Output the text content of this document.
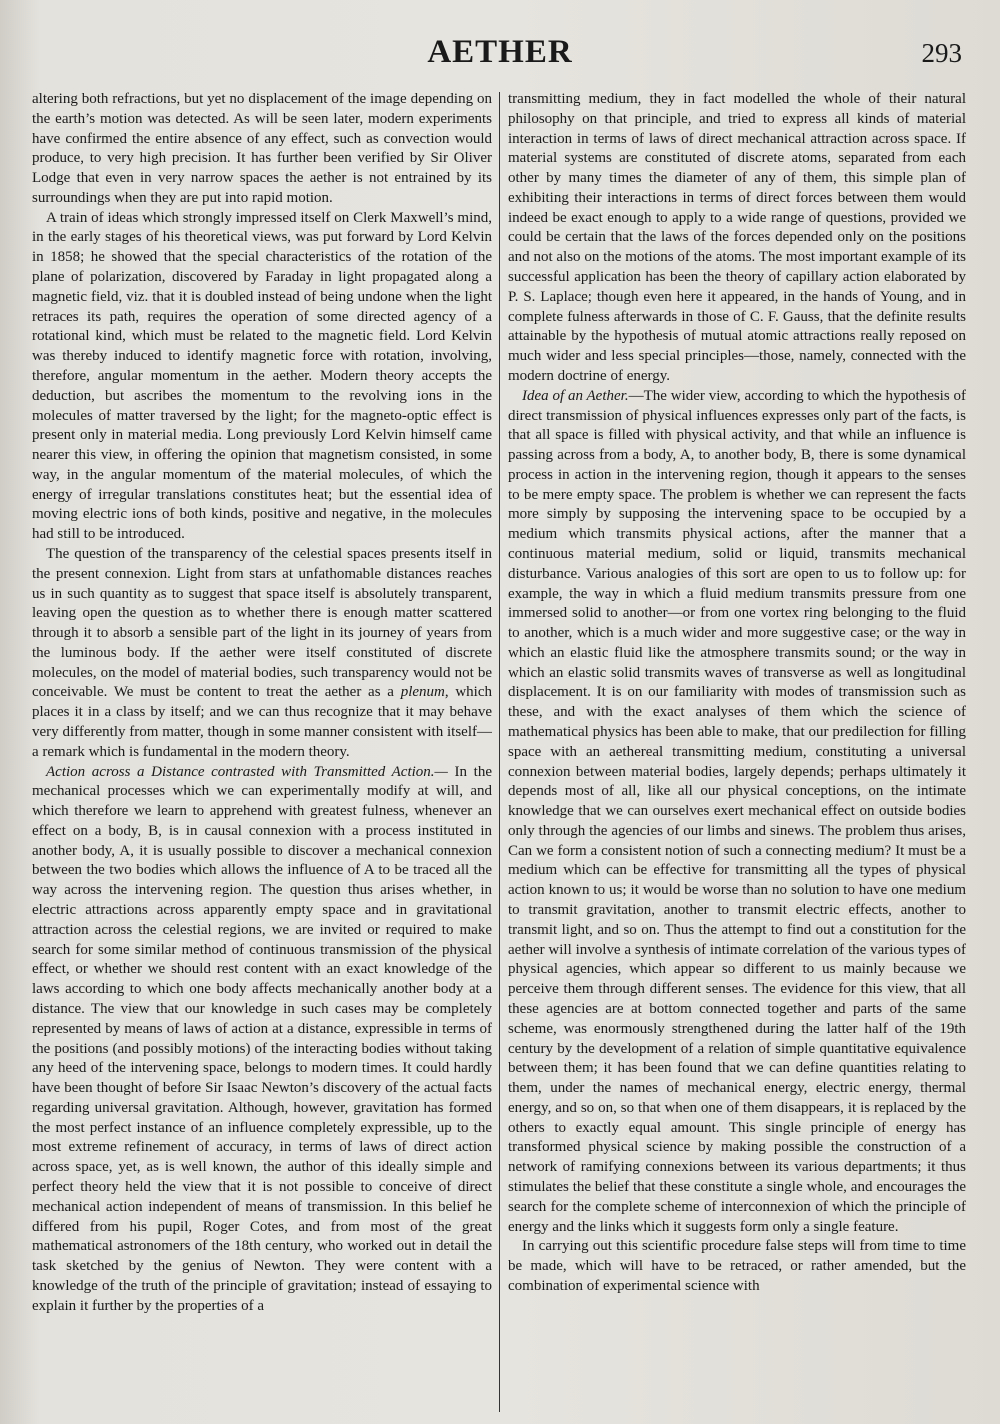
AETHER	293

altering both refractions, but yet no displacement of the image depending on the earth’s motion was detected. As will be seen later, modern experiments have confirmed the entire absence of any effect, such as convection would produce, to very high precision. It has further been verified by Sir Oliver Lodge that even in very narrow spaces the aether is not entrained by its surroundings when they are put into rapid motion.

A train of ideas which strongly impressed itself on Clerk Maxwell’s mind, in the early stages of his theoretical views, was put forward by Lord Kelvin in 1858; he showed that the special characteristics of the rotation of the plane of polarization, discovered by Faraday in light propagated along a magnetic field, viz. that it is doubled instead of being undone when the light retraces its path, requires the operation of some directed agency of a rotational kind, which must be related to the magnetic field. Lord Kelvin was thereby induced to identify magnetic force with rotation, involving, therefore, angular momentum in the aether. Modern theory accepts the deduction, but ascribes the momentum to the revolving ions in the molecules of matter traversed by the light; for the magneto-optic effect is present only in material media. Long previously Lord Kelvin himself came nearer this view, in offering the opinion that magnetism consisted, in some way, in the angular momentum of the material molecules, of which the energy of irregular translations constitutes heat; but the essential idea of moving electric ions of both kinds, positive and negative, in the molecules had still to be introduced.

The question of the transparency of the celestial spaces presents itself in the present connexion. Light from stars at unfathomable distances reaches us in such quantity as to suggest that space itself is absolutely transparent, leaving open the question as to whether there is enough matter scattered through it to absorb a sensible part of the light in its journey of years from the luminous body. If the aether were itself constituted of discrete molecules, on the model of material bodies, such transparency would not be conceivable. We must be content to treat the aether as a plenum, which places it in a class by itself; and we can thus recognize that it may behave very differently from matter, though in some manner consistent with itself—a remark which is fundamental in the modern theory.

Action across a Distance contrasted with Transmitted Action.— In the mechanical processes which we can experimentally modify at will, and which therefore we learn to apprehend with greatest fulness, whenever an effect on a body, B, is in causal connexion with a process instituted in another body, A, it is usually possible to discover a mechanical connexion between the two bodies which allows the influence of A to be traced all the way across the intervening region. The question thus arises whether, in electric attractions across apparently empty space and in gravitational attraction across the celestial regions, we are invited or required to make search for some similar method of continuous transmission of the physical effect, or whether we should rest content with an exact knowledge of the laws according to which one body affects mechanically another body at a distance. The view that our knowledge in such cases may be completely represented by means of laws of action at a distance, expressible in terms of the positions (and possibly motions) of the interacting bodies without taking any heed of the intervening space, belongs to modern times. It could hardly have been thought of before Sir Isaac Newton’s discovery of the actual facts regarding universal gravitation. Although, however, gravitation has formed the most perfect instance of an influence completely expressible, up to the most extreme refinement of accuracy, in terms of laws of direct action across space, yet, as is well known, the author of this ideally simple and perfect theory held the view that it is not possible to conceive of direct mechanical action independent of means of transmission. In this belief he differed from his pupil, Roger Cotes, and from most of the great mathematical astronomers of the 18th century, who worked out in detail the task sketched by the genius of Newton. They were content with a knowledge of the truth of the principle of gravitation; instead of essaying to explain it further by the properties of a

transmitting medium, they in fact modelled the whole of their natural philosophy on that principle, and tried to express all kinds of material interaction in terms of laws of direct mechanical attraction across space. If material systems are constituted of discrete atoms, separated from each other by many times the diameter of any of them, this simple plan of exhibiting their interactions in terms of direct forces between them would indeed be exact enough to apply to a wide range of questions, provided we could be certain that the laws of the forces depended only on the positions and not also on the motions of the atoms. The most important example of its successful application has been the theory of capillary action elaborated by P. S. Laplace; though even here it appeared, in the hands of Young, and in complete fulness afterwards in those of C. F. Gauss, that the definite results attainable by the hypothesis of mutual atomic attractions really reposed on much wider and less special principles—those, namely, connected with the modern doctrine of energy.

Idea of an Aether.—The wider view, according to which the hypothesis of direct transmission of physical influences expresses only part of the facts, is that all space is filled with physical activity, and that while an influence is passing across from a body, A, to another body, B, there is some dynamical process in action in the intervening region, though it appears to the senses to be mere empty space. The problem is whether we can represent the facts more simply by supposing the intervening space to be occupied by a medium which transmits physical actions, after the manner that a continuous material medium, solid or liquid, transmits mechanical disturbance. Various analogies of this sort are open to us to follow up: for example, the way in which a fluid medium transmits pressure from one immersed solid to another—or from one vortex ring belonging to the fluid to another, which is a much wider and more suggestive case; or the way in which an elastic fluid like the atmosphere transmits sound; or the way in which an elastic solid transmits waves of transverse as well as longitudinal displacement. It is on our familiarity with modes of transmission such as these, and with the exact analyses of them which the science of mathematical physics has been able to make, that our predilection for filling space with an aethereal transmitting medium, constituting a universal connexion between material bodies, largely depends; perhaps ultimately it depends most of all, like all our physical conceptions, on the intimate knowledge that we can ourselves exert mechanical effect on outside bodies only through the agencies of our limbs and sinews. The problem thus arises, Can we form a consistent notion of such a connecting medium? It must be a medium which can be effective for transmitting all the types of physical action known to us; it would be worse than no solution to have one medium to transmit gravitation, another to transmit electric effects, another to transmit light, and so on. Thus the attempt to find out a constitution for the aether will involve a synthesis of intimate correlation of the various types of physical agencies, which appear so different to us mainly because we perceive them through different senses. The evidence for this view, that all these agencies are at bottom connected together and parts of the same scheme, was enormously strengthened during the latter half of the 19th century by the development of a relation of simple quantitative equivalence between them; it has been found that we can define quantities relating to them, under the names of mechanical energy, electric energy, thermal energy, and so on, so that when one of them disappears, it is replaced by the others to exactly equal amount. This single principle of energy has transformed physical science by making possible the construction of a network of ramifying connexions between its various departments; it thus stimulates the belief that these constitute a single whole, and encourages the search for the complete scheme of interconnexion of which the principle of energy and the links which it suggests form only a single feature.

In carrying out this scientific procedure false steps will from time to time be made, which will have to be retraced, or rather amended, but the combination of experimental science with
